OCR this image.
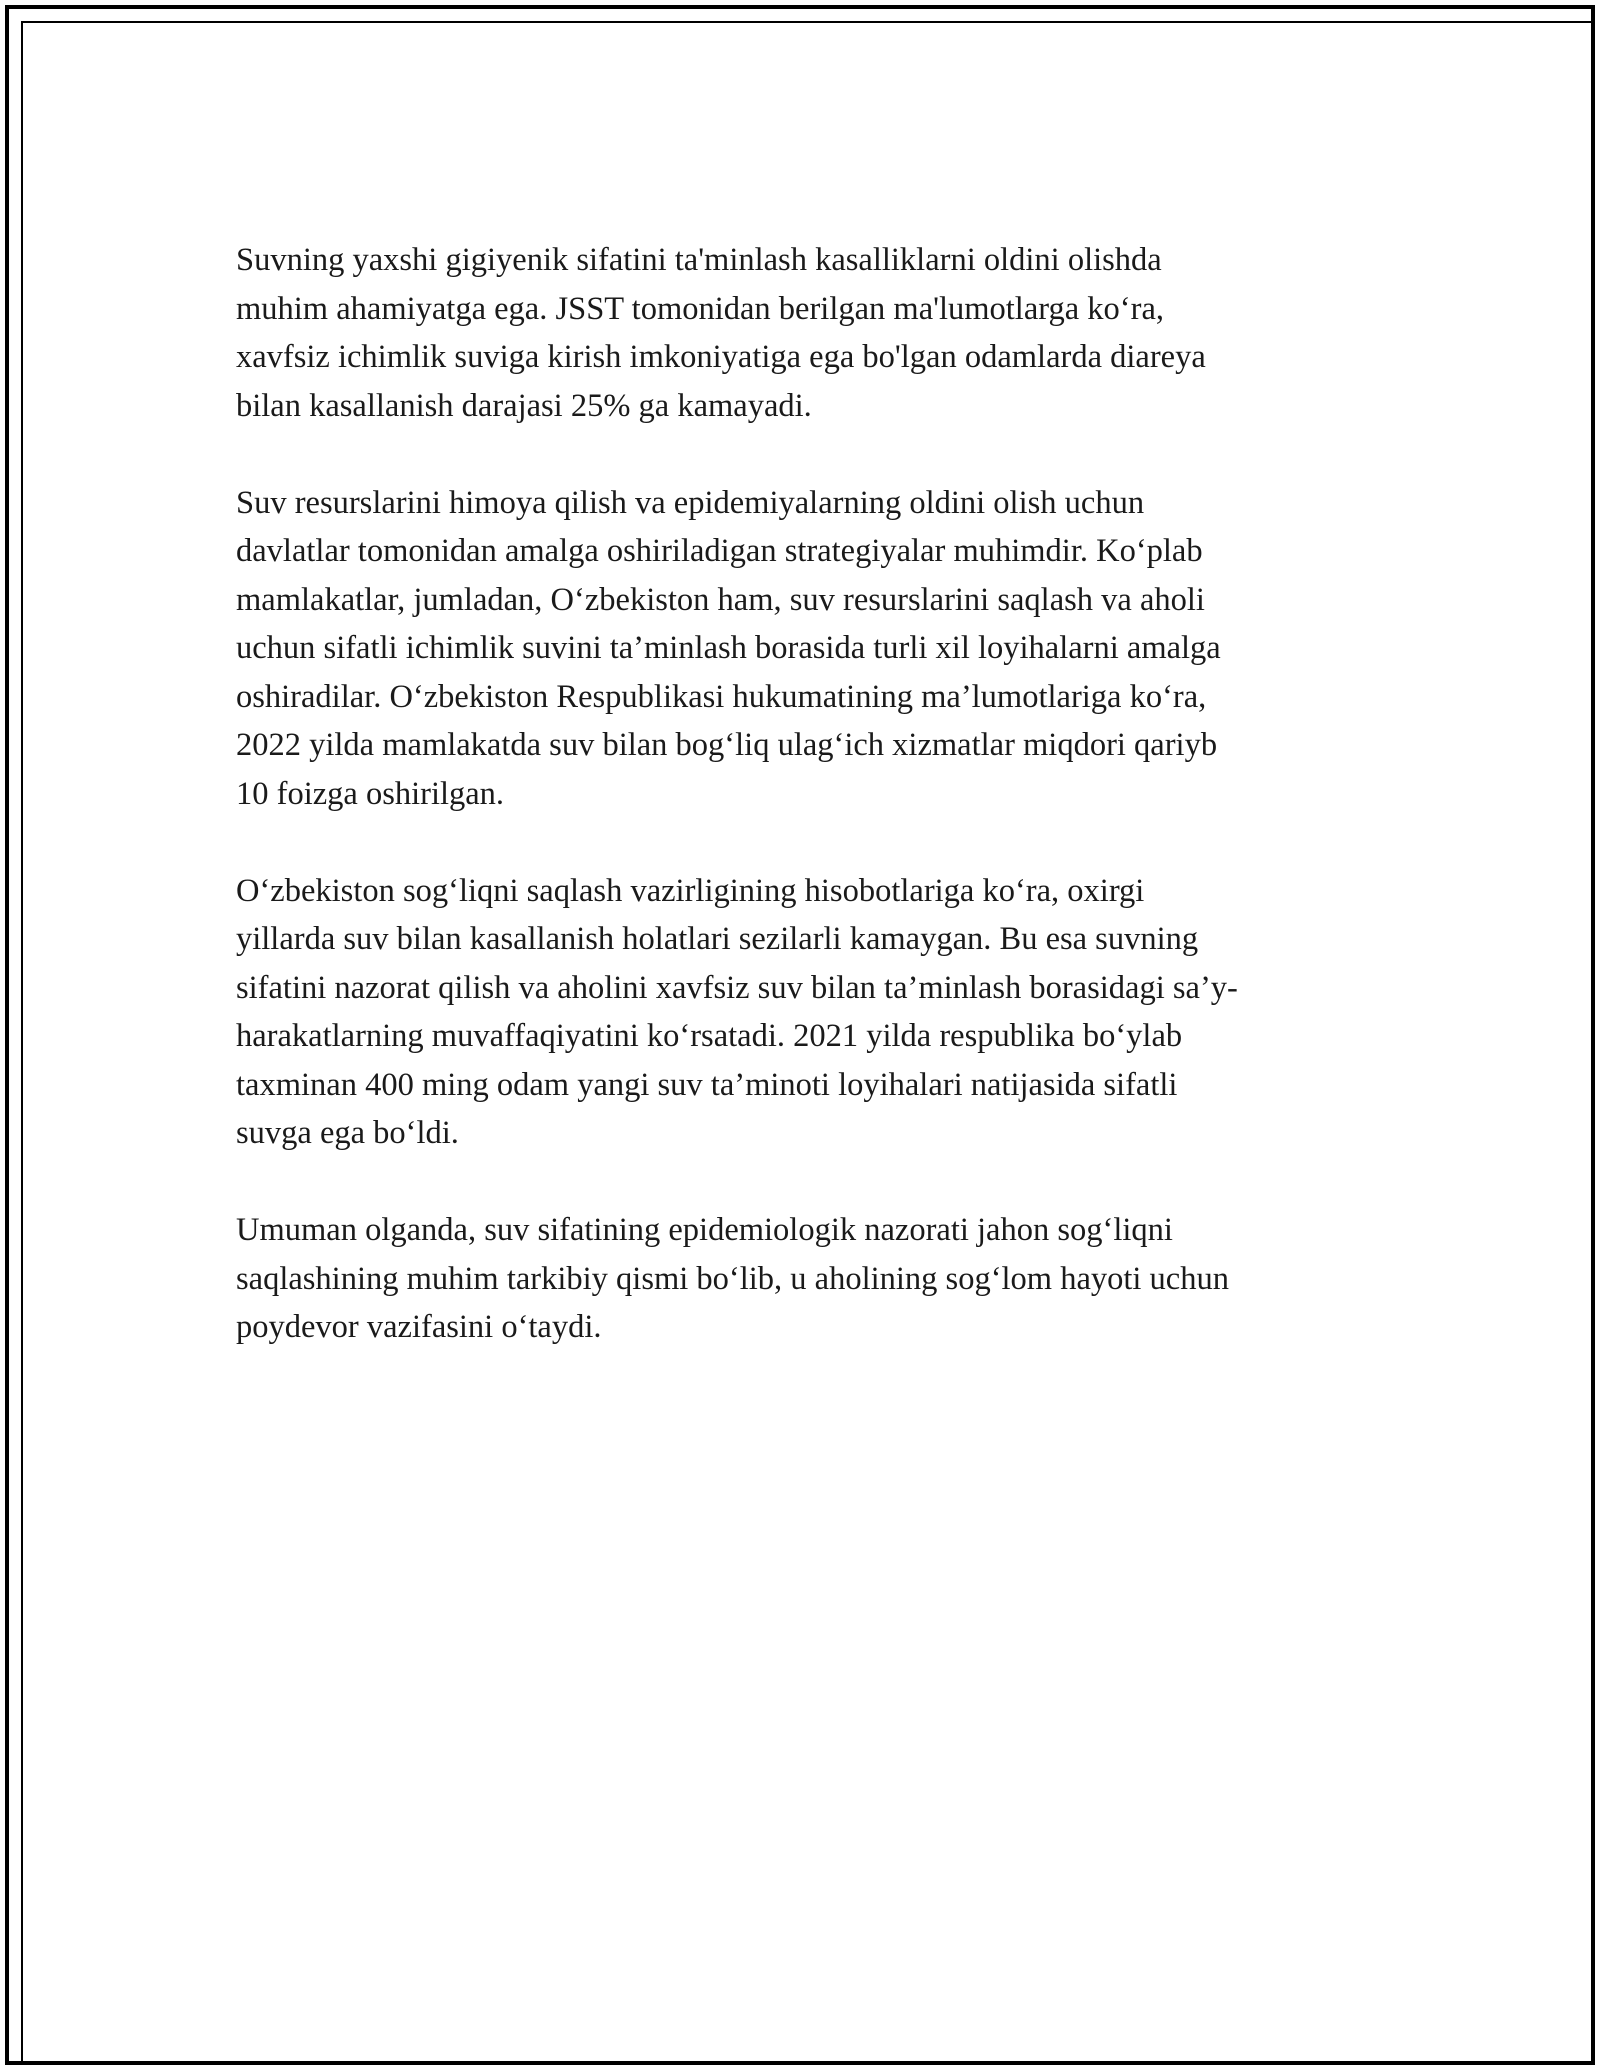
Suvning yaxshi gigiyenik sifatini ta'minlash kasalliklarni oldini olishda
muhim ahamiyatga ega. JSST tomonidan berilgan ma'lumotlarga ko‘ra,
xavfsiz ichimlik suviga kirish imkoniyatiga ega bo'lgan odamlarda diareya
bilan kasallanish darajasi 25% ga kamayadi.

Suv resurslarini himoya qilish va epidemiyalarning oldini olish uchun
davlatlar tomonidan amalga oshiriladigan strategiyalar muhimdir. Ko‘plab
mamlakatlar, jumladan, O‘zbekiston ham, suv resurslarini saqlash va aholi
uchun sifatli ichimlik suvini ta’minlash borasida turli xil loyihalarni amalga
oshiradilar. O‘zbekiston Respublikasi hukumatining ma’lumotlariga ko‘ra,
2022 yilda mamlakatda suv bilan bog‘liq ulag‘ich xizmatlar miqdori qariyb
10 foizga oshirilgan.

O‘zbekiston sog‘liqni saqlash vazirligining hisobotlariga ko‘ra, oxirgi
yillarda suv bilan kasallanish holatlari sezilarli kamaygan. Bu esa suvning
sifatini nazorat qilish va aholini xavfsiz suv bilan ta’minlash borasidagi sa’y-
harakatlarning muvaffaqiyatini ko‘rsatadi. 2021 yilda respublika bo‘ylab
taxminan 400 ming odam yangi suv ta’minoti loyihalari natijasida sifatli
suvga ega bo‘ldi.

Umuman olganda, suv sifatining epidemiologik nazorati jahon sog‘liqni
saqlashining muhim tarkibiy qismi bo‘lib, u aholining sog‘lom hayoti uchun
poydevor vazifasini o‘taydi.
